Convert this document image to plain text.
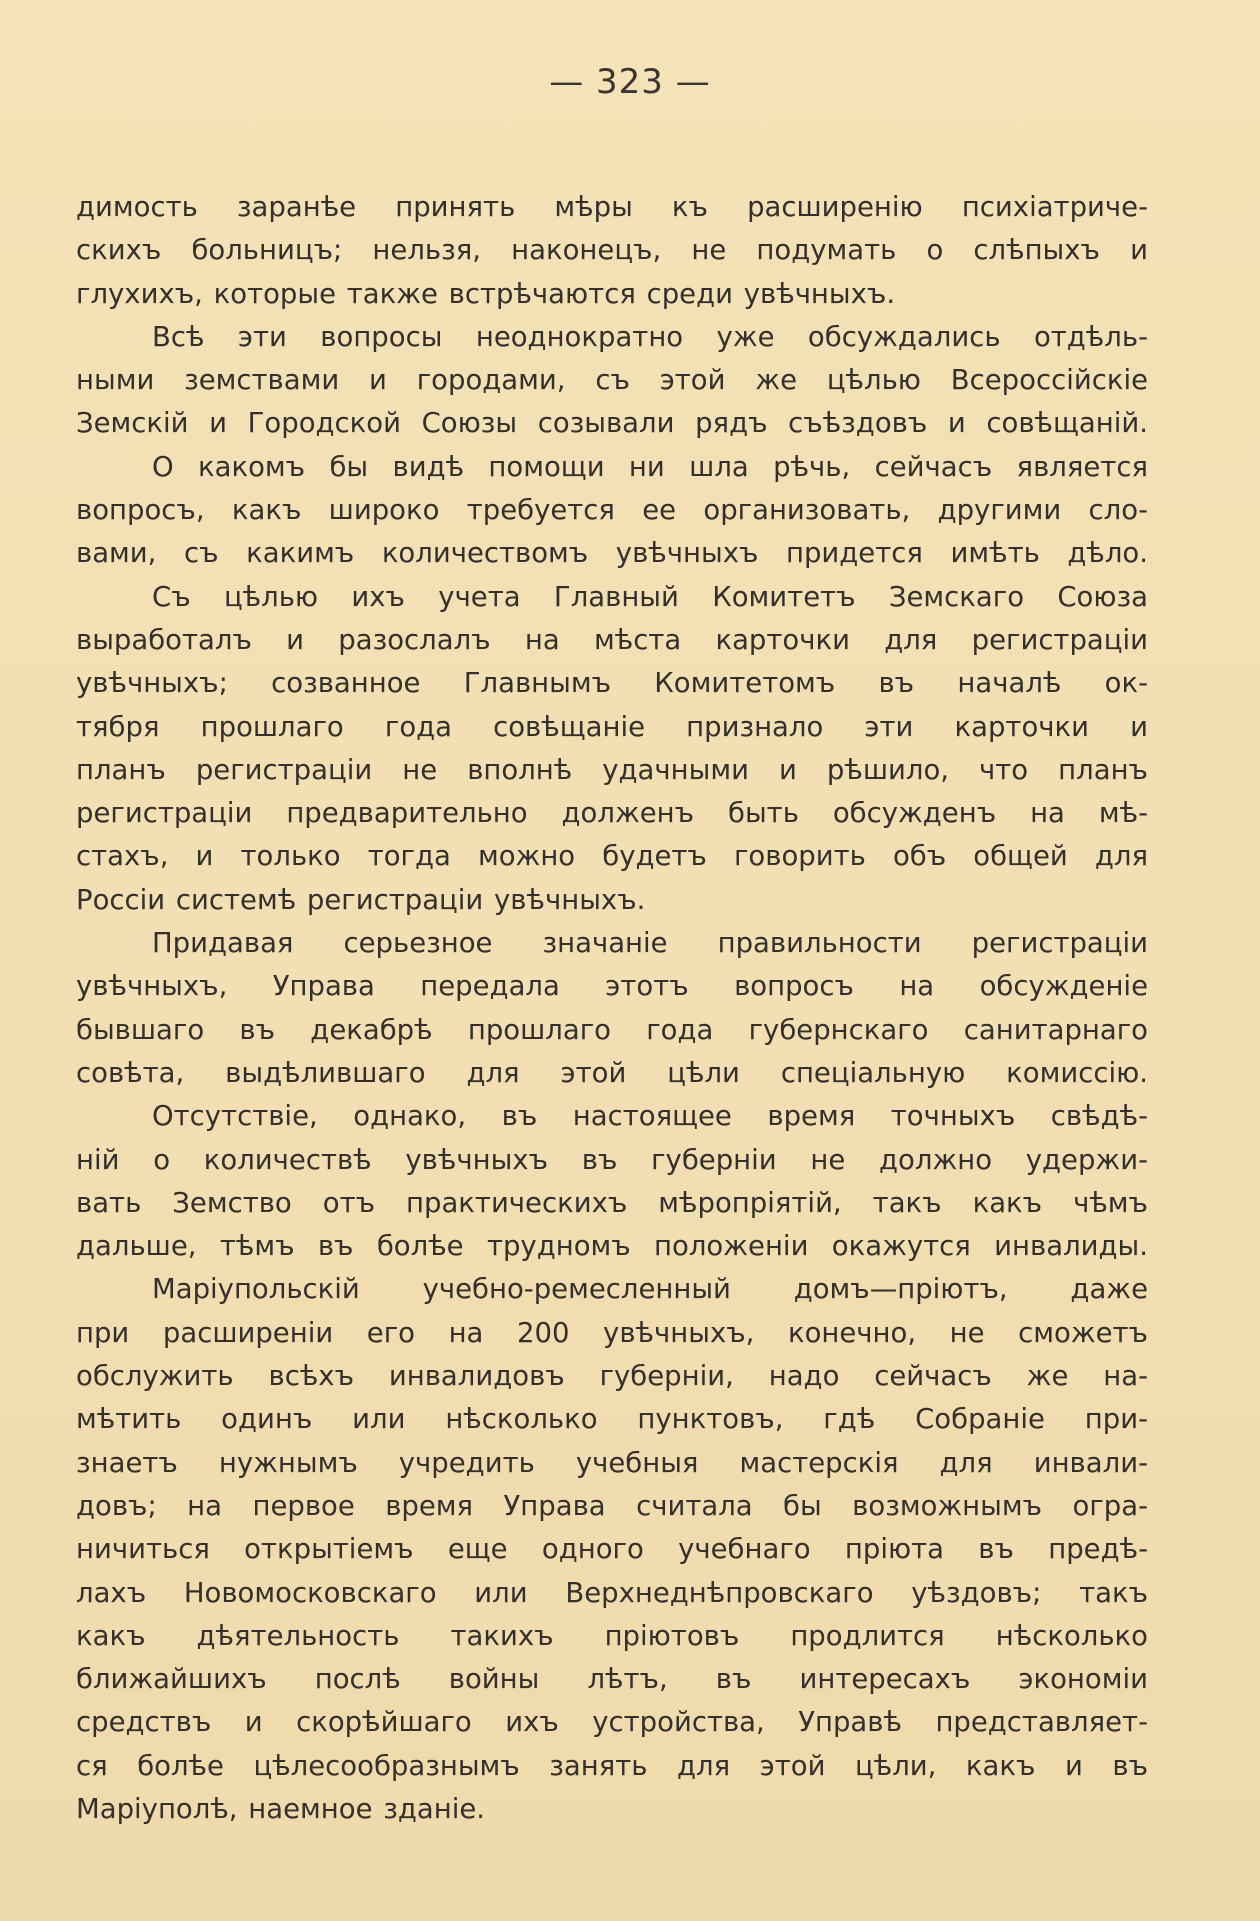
— 323 —
димость заранѣе принять мѣры къ расширенію психіатриче-
скихъ больницъ; нельзя, наконецъ, не подумать о слѣпыхъ и
глухихъ, которые также встрѣчаются среди увѣчныхъ.
Всѣ эти вопросы неоднократно уже обсуждались отдѣль-
ными земствами и городами, съ этой же цѣлью Всероссійскіе
Земскій и Городской Союзы созывали рядъ съѣздовъ и совѣщаній.
О какомъ бы видѣ помощи ни шла рѣчь, сейчасъ является
вопросъ, какъ широко требуется ее организовать, другими сло-
вами, съ какимъ количествомъ увѣчныхъ придется имѣть дѣло.
Съ цѣлью ихъ учета Главный Комитетъ Земскаго Союза
выработалъ и разослалъ на мѣста карточки для регистраціи
увѣчныхъ; созванное Главнымъ Комитетомъ въ началѣ ок-
тября прошлаго года совѣщаніе признало эти карточки и
планъ регистраціи не вполнѣ удачными и рѣшило, что планъ
регистраціи предварительно долженъ быть обсужденъ на мѣ-
стахъ, и только тогда можно будетъ говорить объ общей для
Россіи системѣ регистраціи увѣчныхъ.
Придавая серьезное значаніе правильности регистраціи
увѣчныхъ, Управа передала этотъ вопросъ на обсужденіе
бывшаго въ декабрѣ прошлаго года губернскаго санитарнаго
совѣта, выдѣлившаго для этой цѣли спеціальную комиссію.
Отсутствіе, однако, въ настоящее время точныхъ свѣдѣ-
ній о количествѣ увѣчныхъ въ губерніи не должно удержи-
вать Земство отъ практическихъ мѣропріятій, такъ какъ чѣмъ
дальше, тѣмъ въ болѣе трудномъ положеніи окажутся инвалиды.
Маріупольскій учебно-ремесленный домъ—пріютъ, даже
при расширеніи его на 200 увѣчныхъ, конечно, не сможетъ
обслужить всѣхъ инвалидовъ губерніи, надо сейчасъ же на-
мѣтить одинъ или нѣсколько пунктовъ, гдѣ Собраніе при-
знаетъ нужнымъ учредить учебныя мастерскія для инвали-
довъ; на первое время Управа считала бы возможнымъ огра-
ничиться открытіемъ еще одного учебнаго пріюта въ предѣ-
лахъ Новомосковскаго или Верхнеднѣпровскаго уѣздовъ; такъ
какъ дѣятельность такихъ пріютовъ продлится нѣсколько
ближайшихъ послѣ войны лѣтъ, въ интересахъ экономіи
средствъ и скорѣйшаго ихъ устройства, Управѣ представляет-
ся болѣе цѣлесообразнымъ занять для этой цѣли, какъ и въ
Маріуполѣ, наемное зданіе.
